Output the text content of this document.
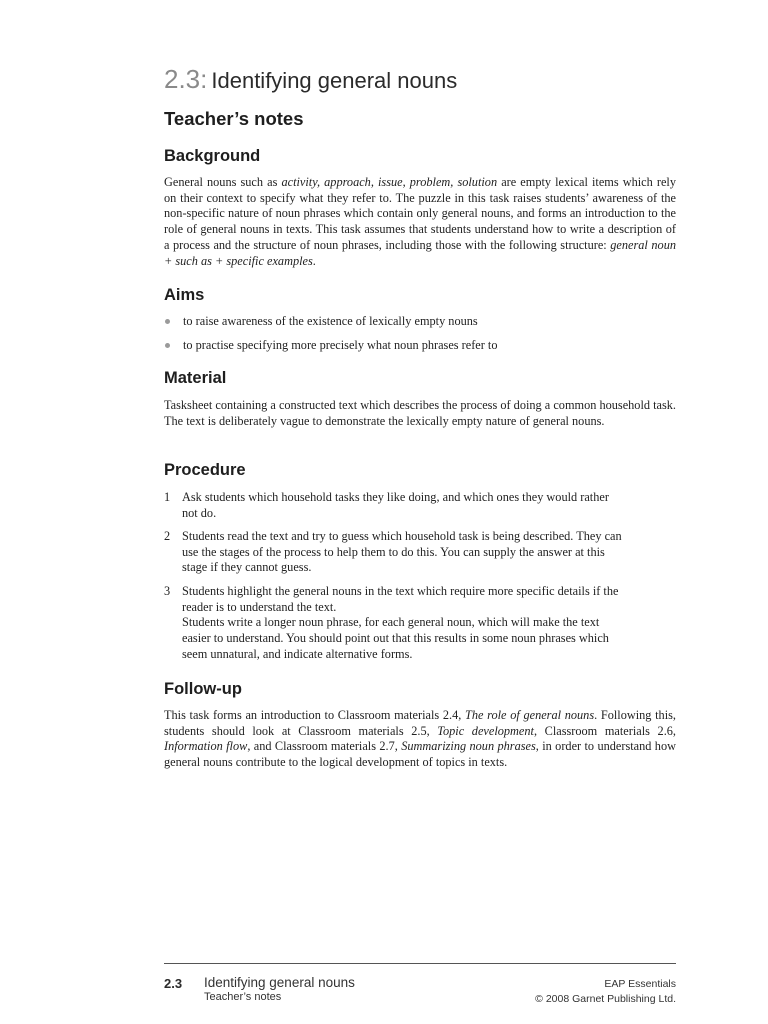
2.3: Identifying general nouns
Teacher’s notes
Background

General nouns such as activity, approach, issue, problem, solution are empty lexical items which rely on their context to specify what they refer to. The puzzle in this task raises students’ awareness of the non-specific nature of noun phrases which contain only general nouns, and forms an introduction to the role of general nouns in texts. This task assumes that students understand how to write a description of a process and the structure of noun phrases, including those with the following structure: general noun + such as + specific examples.

Aims
to raise awareness of the existence of lexically empty nouns
to practise specifying more precisely what noun phrases refer to
Material

Tasksheet containing a constructed text which describes the process of doing a common household task. The text is deliberately vague to demonstrate the lexically empty nature of general nouns.

Procedure
1 Ask students which household tasks they like doing, and which ones they would rather
not do.
2 Students read the text and try to guess which household task is being described. They can
use the stages of the process to help them to do this. You can supply the answer at this
stage if they cannot guess.
3 Students highlight the general nouns in the text which require more specific details if the
reader is to understand the text.
Students write a longer noun phrase, for each general noun, which will make the text
easier to understand. You should point out that this results in some noun phrases which
seem unnatural, and indicate alternative forms.
Follow-up

This task forms an introduction to Classroom materials 2.4, The role of general nouns. Following this, students should look at Classroom materials 2.5, Topic development, Classroom materials 2.6, Information flow, and Classroom materials 2.7, Summarizing noun phrases, in order to understand how general nouns contribute to the logical development of topics in texts.

2.3 Identifying general nouns
Teacher’s notes
EAP Essentials
© 2008 Garnet Publishing Ltd.
